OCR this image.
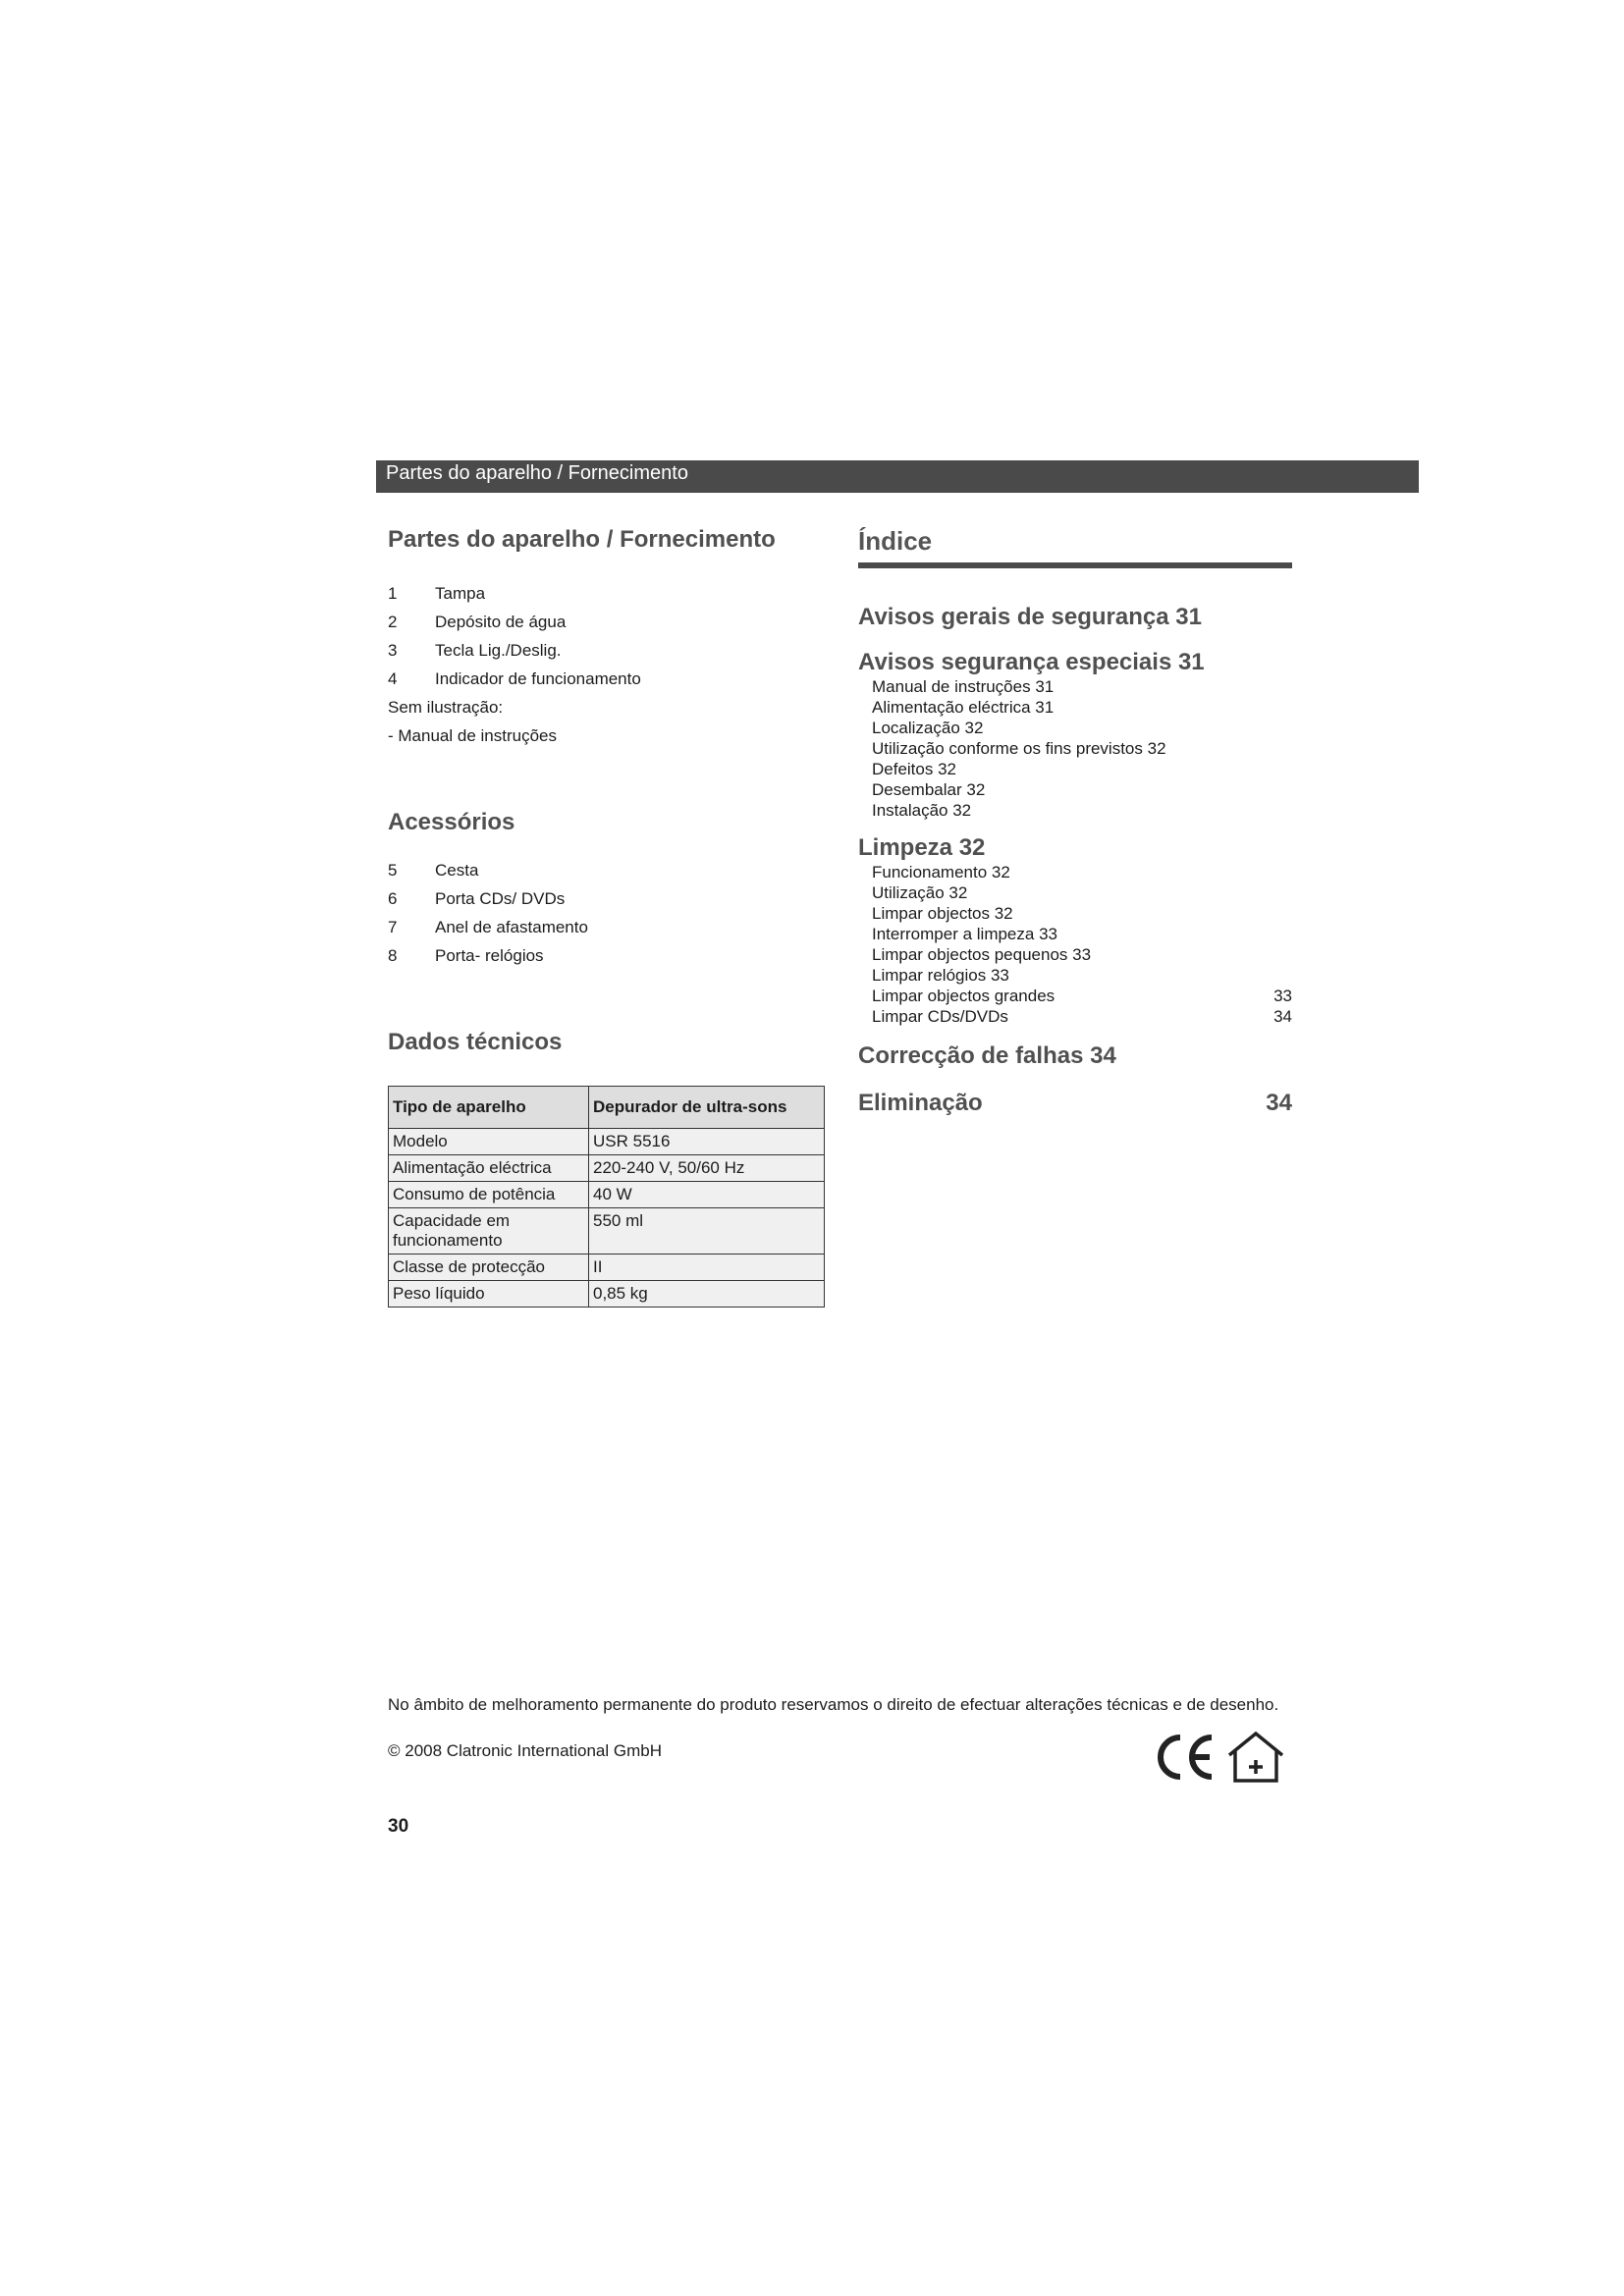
Partes do aparelho / Fornecimento
Partes do aparelho / Fornecimento
1	Tampa
2	Depósito de água
3	Tecla Lig./Deslig.
4	Indicador de funcionamento
Sem ilustração:
- Manual de instruções
Acessórios
5	Cesta
6	Porta CDs/ DVDs
7	Anel de afastamento
8	Porta- relógios
Dados técnicos
Tipo de aparelho	Depurador de ultra-sons
Modelo	USR 5516
Alimentação eléctrica	220-240 V, 50/60 Hz
Consumo de potência	40 W
Capacidade em funcionamento	550 ml
Classe de protecção	II
Peso líquido	0,85 kg
Índice
Avisos gerais de segurança 31
Avisos segurança especiais 31
Manual de instruções 31
Alimentação eléctrica 31
Localização 32
Utilização conforme os fins previstos 32
Defeitos 32
Desembalar 32
Instalação 32
Limpeza 32
Funcionamento 32
Utilização 32
Limpar objectos 32
Interromper a limpeza 33
Limpar objectos pequenos 33
Limpar relógios 33
Limpar objectos grandes	33
Limpar CDs/DVDs	34
Correcção de falhas 34
Eliminação	34
No âmbito de melhoramento permanente do produto reservamos o direito de efectuar alterações técnicas e de desenho.
© 2008 Clatronic International GmbH
30
